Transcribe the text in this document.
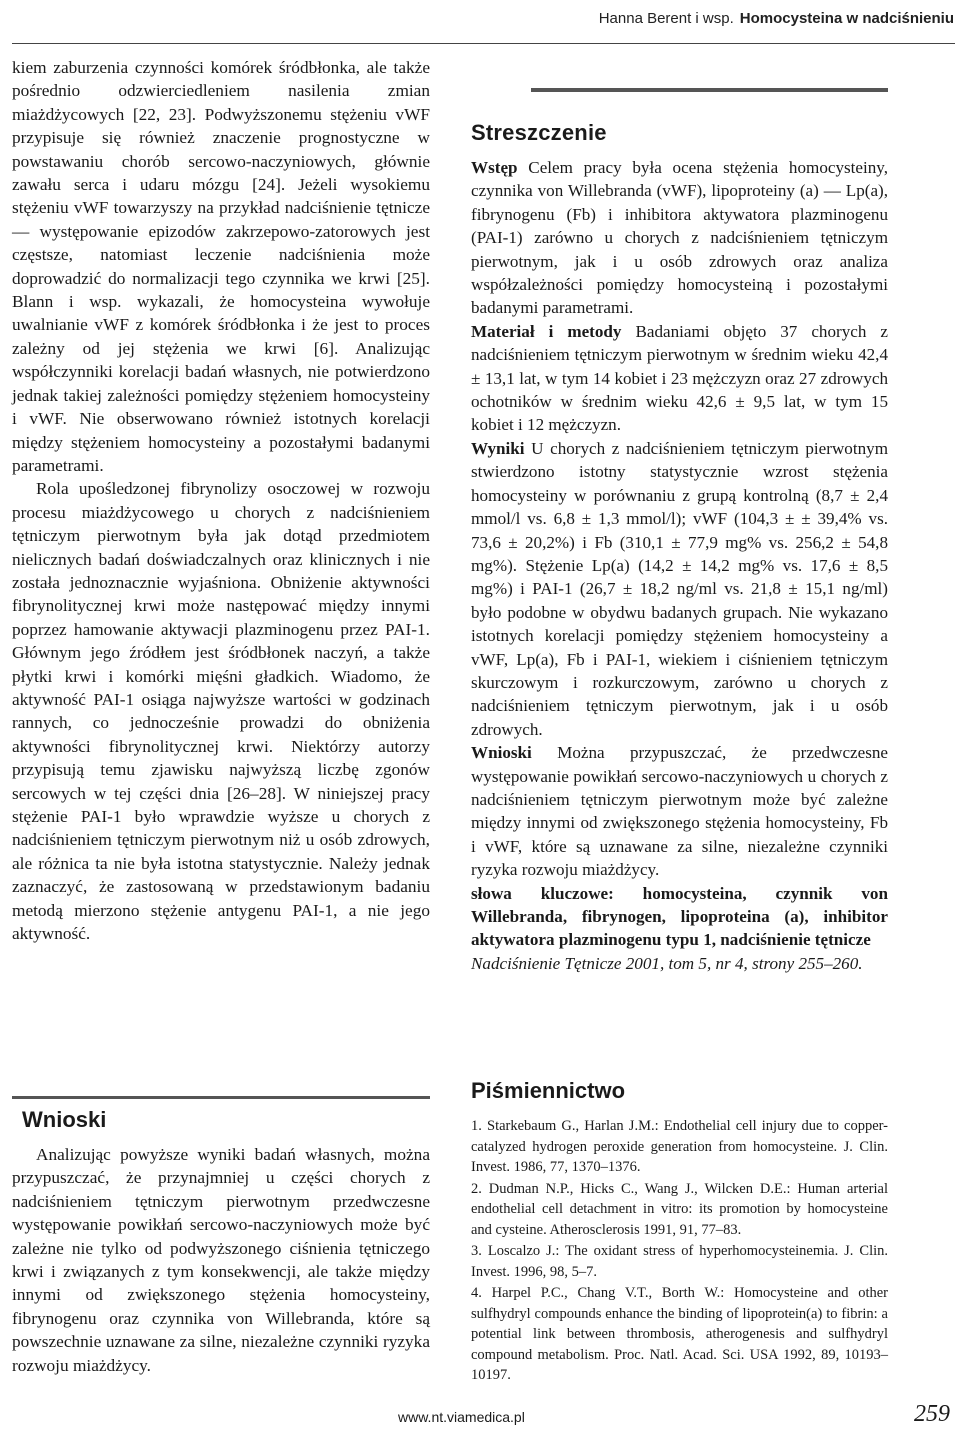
Hanna Berent i wsp. Homocysteina w nadciśnieniu

kiem zaburzenia czynności komórek śródbłonka, ale także pośrednio odzwierciedleniem nasilenia zmian miażdżycowych [22, 23]. Podwyższonemu stężeniu vWF przypisuje się również znaczenie prognostyczne w powstawaniu chorób sercowo-naczyniowych, głównie zawału serca i udaru mózgu [24]. Jeżeli wysokiemu stężeniu vWF towarzyszy na przykład nadciśnienie tętnicze — występowanie epizodów zakrzepowo-zatorowych jest częstsze, natomiast leczenie nadciśnienia może doprowadzić do normalizacji tego czynnika we krwi [25]. Blann i wsp. wykazali, że homocysteina wywołuje uwalnianie vWF z komórek śródbłonka i że jest to proces zależny od jej stężenia we krwi [6]. Analizując współczynniki korelacji badań własnych, nie potwierdzono jednak takiej zależności pomiędzy stężeniem homocysteiny i vWF. Nie obserwowano również istotnych korelacji między stężeniem homocysteiny a pozostałymi badanymi parametrami.

Rola upośledzonej fibrynolizy osoczowej w rozwoju procesu miażdżycowego u chorych z nadciśnieniem tętniczym pierwotnym była jak dotąd przedmiotem nielicznych badań doświadczalnych oraz klinicznych i nie została jednoznacznie wyjaśniona. Obniżenie aktywności fibrynolitycznej krwi może następować między innymi poprzez hamowanie aktywacji plazminogenu przez PAI-1. Głównym jego źródłem jest śródbłonek naczyń, a także płytki krwi i komórki mięśni gładkich. Wiadomo, że aktywność PAI-1 osiąga najwyższe wartości w godzinach rannych, co jednocześnie prowadzi do obniżenia aktywności fibrynolitycznej krwi. Niektórzy autorzy przypisują temu zjawisku najwyższą liczbę zgonów sercowych w tej części dnia [26–28]. W niniejszej pracy stężenie PAI-1 było wprawdzie wyższe u chorych z nadciśnieniem tętniczym pierwotnym niż u osób zdrowych, ale różnica ta nie była istotna statystycznie. Należy jednak zaznaczyć, że zastosowaną w przedstawionym badaniu metodą mierzono stężenie antygenu PAI-1, a nie jego aktywność.

Streszczenie

Wstęp Celem pracy była ocena stężenia homocysteiny, czynnika von Willebranda (vWF), lipoproteiny (a) — Lp(a), fibrynogenu (Fb) i inhibitora aktywatora plazminogenu (PAI-1) zarówno u chorych z nadciśnieniem tętniczym pierwotnym, jak i u osób zdrowych oraz analiza współzależności pomiędzy homocysteiną i pozostałymi badanymi parametrami.

Materiał i metody Badaniami objęto 37 chorych z nadciśnieniem tętniczym pierwotnym w średnim wieku 42,4 ± 13,1 lat, w tym 14 kobiet i 23 mężczyzn oraz 27 zdrowych ochotników w średnim wieku 42,6 ± 9,5 lat, w tym 15 kobiet i 12 mężczyzn.

Wyniki U chorych z nadciśnieniem tętniczym pierwotnym stwierdzono istotny statystycznie wzrost stężenia homocysteiny w porównaniu z grupą kontrolną (8,7 ± 2,4 mmol/l vs. 6,8 ± 1,3 mmol/l); vWF (104,3 ± ± 39,4% vs. 73,6 ± 20,2%) i Fb (310,1 ± 77,9 mg% vs. 256,2 ± 54,8 mg%). Stężenie Lp(a) (14,2 ± 14,2 mg% vs. 17,6 ± 8,5 mg%) i PAI-1 (26,7 ± 18,2 ng/ml vs. 21,8 ± 15,1 ng/ml) było podobne w obydwu badanych grupach. Nie wykazano istotnych korelacji pomiędzy stężeniem homocysteiny a vWF, Lp(a), Fb i PAI-1, wiekiem i ciśnieniem tętniczym skurczowym i rozkurczowym, zarówno u chorych z nadciśnieniem tętniczym pierwotnym, jak i u osób zdrowych.

Wnioski Można przypuszczać, że przedwczesne występowanie powikłań sercowo-naczyniowych u chorych z nadciśnieniem tętniczym pierwotnym może być zależne między innymi od zwiększonego stężenia homocysteiny, Fb i vWF, które są uznawane za silne, niezależne czynniki ryzyka rozwoju miażdżycy.

słowa kluczowe: homocysteina, czynnik von Willebranda, fibrynogen, lipoproteina (a), inhibitor aktywatora plazminogenu typu 1, nadciśnienie tętnicze

Nadciśnienie Tętnicze 2001, tom 5, nr 4, strony 255–260.

Wnioski
Analizując powyższe wyniki badań własnych, można przypuszczać, że przynajmniej u części chorych z nadciśnieniem tętniczym pierwotnym przedwczesne występowanie powikłań sercowo-naczyniowych może być zależne nie tylko od podwyższonego ciśnienia tętniczego krwi i związanych z tym konsekwencji, ale także między innymi od zwiększonego stężenia homocysteiny, fibrynogenu oraz czynnika von Willebranda, które są powszechnie uznawane za silne, niezależne czynniki ryzyka rozwoju miażdżycy.
Piśmiennictwo
1. Starkebaum G., Harlan J.M.: Endothelial cell injury due to copper-catalyzed hydrogen peroxide generation from homocysteine. J. Clin. Invest. 1986, 77, 1370–1376.
2. Dudman N.P., Hicks C., Wang J., Wilcken D.E.: Human arterial endothelial cell detachment in vitro: its promotion by homocysteine and cysteine. Atherosclerosis 1991, 91, 77–83.
3. Loscalzo J.: The oxidant stress of hyperhomocysteinemia. J. Clin. Invest. 1996, 98, 5–7.
4. Harpel P.C., Chang V.T., Borth W.: Homocysteine and other sulfhydryl compounds enhance the binding of lipoprotein(a) to fibrin: a potential link between thrombosis, atherogenesis and sulfhydryl compound metabolism. Proc. Natl. Acad. Sci. USA 1992, 89, 10193–10197.
www.nt.viamedica.pl	259
